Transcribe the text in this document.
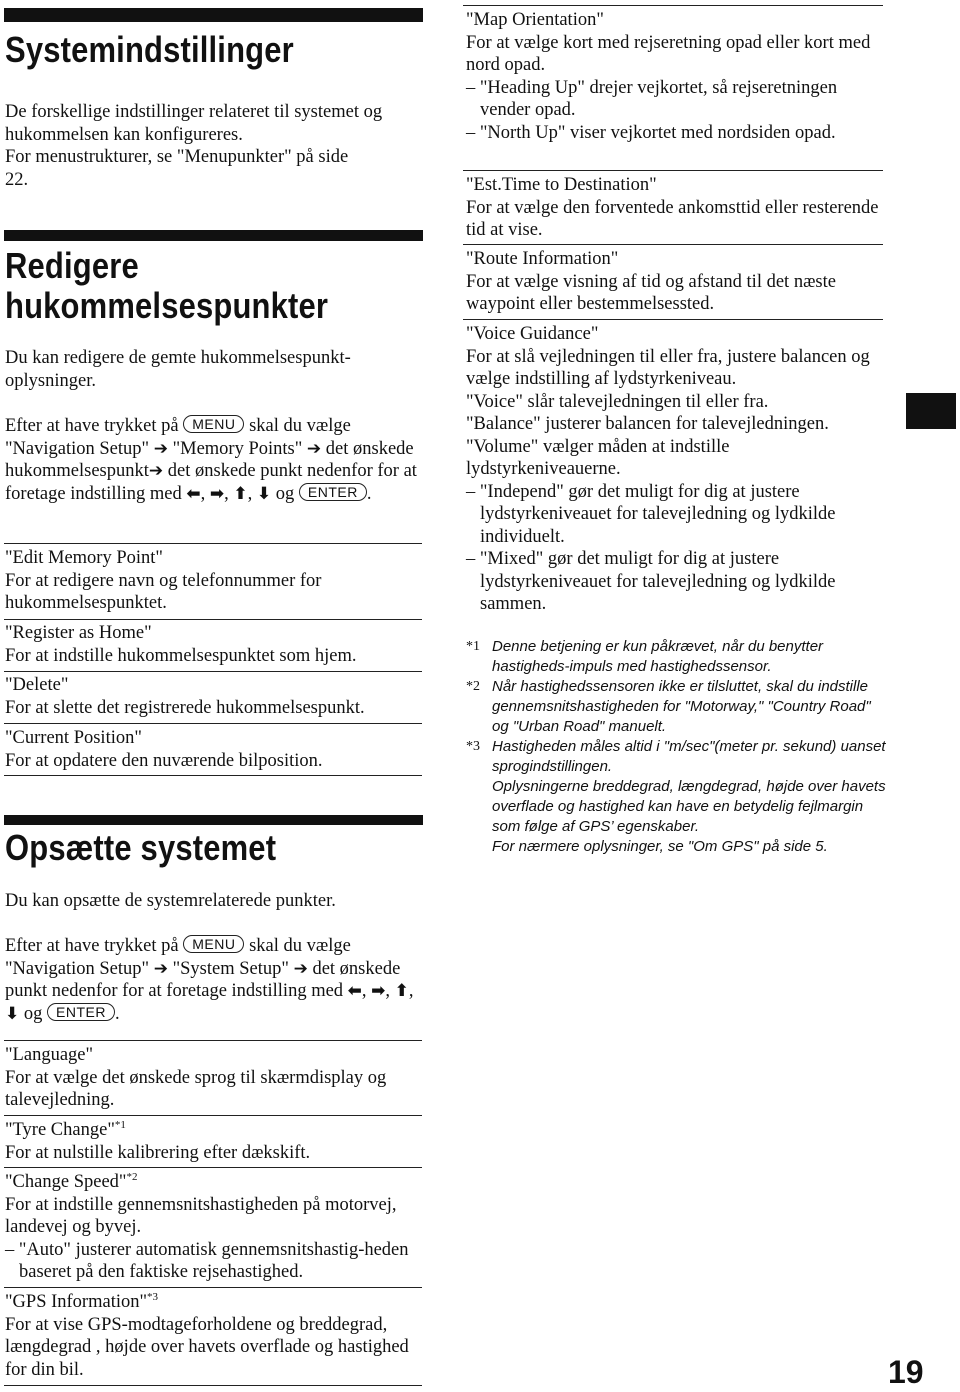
Systemindstillinger

De forskellige indstillinger relateret til systemet og hukommelsen kan konfigureres.

For menustrukturer, se "Menupunkter" på side 22.

Redigere
hukommelsespunkter

Du kan redigere de gemte hukommelsespunkt-oplysninger.

Efter at have trykket på MENU skal du vælge "Navigation Setup" ➔ "Memory Points" ➔ det ønskede hukommelsespunkt➔ det ønskede punkt nedenfor for at foretage indstilling med ⬅, ➡, ⬆, ⬇ og ENTER .

"Edit Memory Point"
For at redigere navn og telefonnummer for hukommelsespunktet.
"Register as Home"
For at indstille hukommelsespunktet som hjem.
"Delete"
For at slette det registrerede hukommelsespunkt.
"Current Position"
For at opdatere den nuværende bilposition.
Opsætte systemet

Du kan opsætte de systemrelaterede punkter.

Efter at have trykket på MENU skal du vælge "Navigation Setup" ➔ "System Setup" ➔ det ønskede punkt nedenfor for at foretage indstilling med ⬅, ➡, ⬆, ⬇ og ENTER .

"Language"
For at vælge det ønskede sprog til skærmdisplay og talevejledning.
"Tyre Change"$^{*1}$
For at nulstille kalibrering efter dækskift.
"Change Speed"$^{*2}$
For at indstille gennemsnitshastigheden på motorvej, landevej og byvej.
– "Auto" justerer automatisk gennemsnitshastig-heden baseret på den faktiske rejsehastighed.
"GPS Information"$^{*3}$
For at vise GPS-modtageforholdene og breddegrad, længdegrad , højde over havets overflade og hastighed for din bil.
"Map Orientation"
For at vælge kort med rejseretning opad eller kort med nord opad.
– "Heading Up" drejer vejkortet, så rejseretningen vender opad.
– "North Up" viser vejkortet med nordsiden opad.
"Est.Time to Destination"
For at vælge den forventede ankomsttid eller resterende tid at vise.
"Route Information"
For at vælge visning af tid og afstand til det næste waypoint eller bestemmelsessted.
"Voice Guidance"
For at slå vejledningen til eller fra, justere balancen og vælge indstilling af lydstyrkeniveau.
"Voice" slår talevejledningen til eller fra.
"Balance" justerer balancen for talevejledningen.
"Volume" vælger måden at indstille lydstyrkeniveauerne.
– "Independ" gør det muligt for dig at justere lydstyrkeniveauet for talevejledning og lydkilde individuelt.
– "Mixed" gør det muligt for dig at justere lydstyrkeniveauet for talevejledning og lydkilde sammen.
*1 Denne betjening er kun påkrævet, når du benytter hastigheds-impuls med hastighedssensor.
*2 Når hastighedssensoren ikke er tilsluttet, skal du indstille gennemsnitshastigheden for "Motorway," "Country Road" og "Urban Road" manuelt.
*3 Hastigheden måles altid i "m/sec"(meter pr. sekund) uanset sprogindstillingen.
Oplysningerne breddegrad, længdegrad, højde over havets overflade og hastighed kan have en betydelig fejlmargin som følge af GPS’ egenskaber.
For nærmere oplysninger, se "Om GPS" på side 5.
19
